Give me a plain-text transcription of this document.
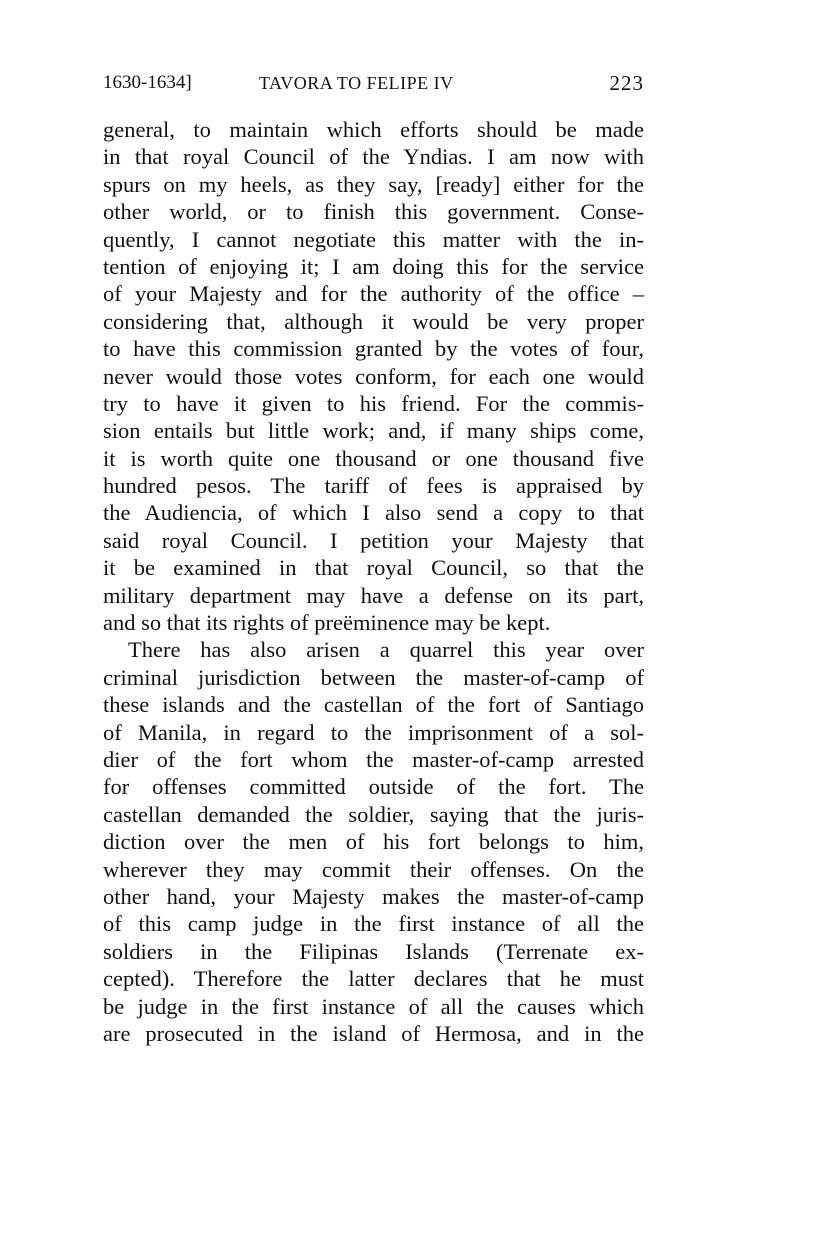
1630-1634]	TAVORA TO FELIPE IV	223
general, to maintain which efforts should be made
in that royal Council of the Yndias. I am now with
spurs on my heels, as they say, [ready] either for the
other world, or to finish this government. Conse-
quently, I cannot negotiate this matter with the in-
tention of enjoying it; I am doing this for the service
of your Majesty and for the authority of the office –
considering that, although it would be very proper
to have this commission granted by the votes of four,
never would those votes conform, for each one would
try to have it given to his friend. For the commis-
sion entails but little work; and, if many ships come,
it is worth quite one thousand or one thousand five
hundred pesos. The tariff of fees is appraised by
the Audiencia, of which I also send a copy to that
said royal Council. I petition your Majesty that
it be examined in that royal Council, so that the
military department may have a defense on its part,
and so that its rights of preëminence may be kept.
There has also arisen a quarrel this year over
criminal jurisdiction between the master-of-camp of
these islands and the castellan of the fort of Santiago
of Manila, in regard to the imprisonment of a sol-
dier of the fort whom the master-of-camp arrested
for offenses committed outside of the fort. The
castellan demanded the soldier, saying that the juris-
diction over the men of his fort belongs to him,
wherever they may commit their offenses. On the
other hand, your Majesty makes the master-of-camp
of this camp judge in the first instance of all the
soldiers in the Filipinas Islands (Terrenate ex-
cepted). Therefore the latter declares that he must
be judge in the first instance of all the causes which
are prosecuted in the island of Hermosa, and in the
